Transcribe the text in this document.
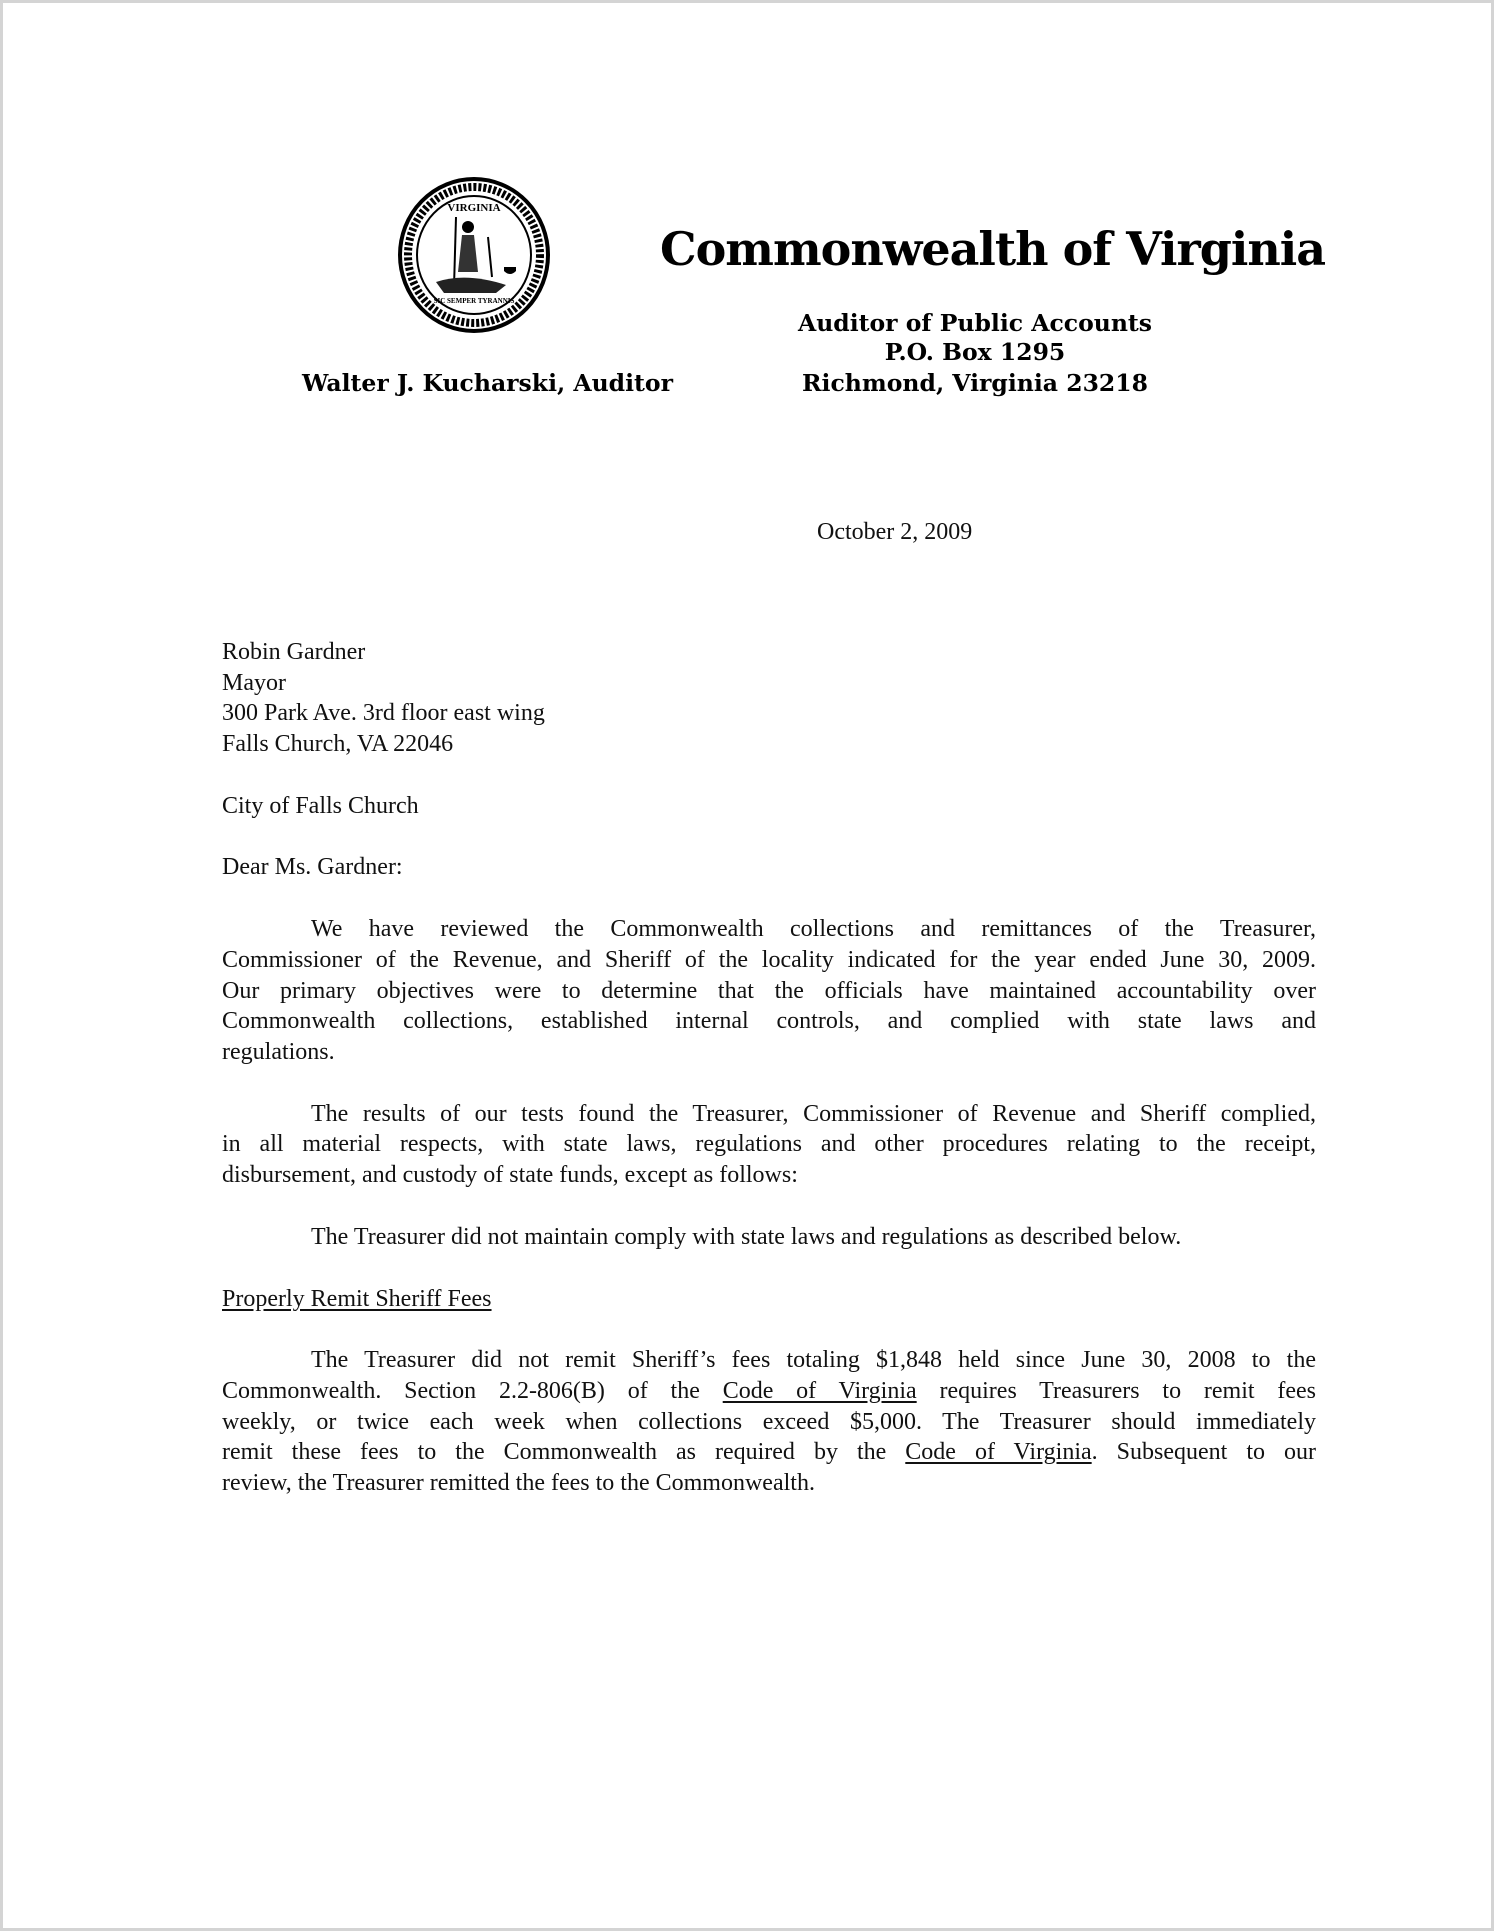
VIRGINIA
SIC SEMPER TYRANNIS
Commonwealth of Virginia
Auditor of Public Accounts
P.O. Box 1295
Richmond, Virginia 23218
Walter J. Kucharski, Auditor
October 2, 2009
Robin Gardner
Mayor
300 Park Ave. 3rd floor east wing
Falls Church, VA 22046
City of Falls Church
Dear Ms. Gardner:
We have reviewed the Commonwealth collections and remittances of the Treasurer,
Commissioner of the Revenue, and Sheriff of the locality indicated for the year ended June 30, 2009.
Our primary objectives were to determine that the officials have maintained accountability over
Commonwealth collections, established internal controls, and complied with state laws and
regulations.
The results of our tests found the Treasurer, Commissioner of Revenue and Sheriff complied,
in all material respects, with state laws, regulations and other procedures relating to the receipt,
disbursement, and custody of state funds, except as follows:
The Treasurer did not maintain comply with state laws and regulations as described below.
Properly Remit Sheriff Fees
The Treasurer did not remit Sheriff’s fees totaling $1,848 held since June 30, 2008 to the
Commonwealth. Section 2.2-806(B) of the Code of Virginia requires Treasurers to remit fees
weekly, or twice each week when collections exceed $5,000. The Treasurer should immediately
remit these fees to the Commonwealth as required by the Code of Virginia. Subsequent to our
review, the Treasurer remitted the fees to the Commonwealth.
